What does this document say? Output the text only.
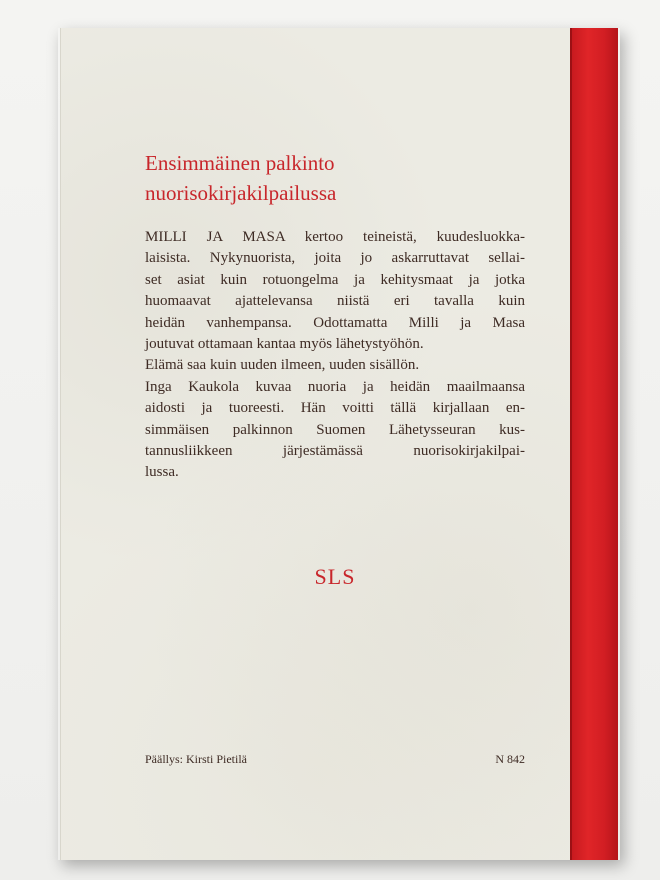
Ensimmäinen palkinto
nuorisokirjakilpailussa
MILLI JA MASA kertoo teineistä, kuudesluokka-
laisista. Nykynuorista, joita jo askarruttavat sellai-
set asiat kuin rotuongelma ja kehitysmaat ja jotka
huomaavat ajattelevansa niistä eri tavalla kuin
heidän vanhempansa. Odottamatta Milli ja Masa
joutuvat ottamaan kantaa myös lähetystyöhön.
Elämä saa kuin uuden ilmeen, uuden sisällön.
Inga Kaukola kuvaa nuoria ja heidän maailmaansa
aidosti ja tuoreesti. Hän voitti tällä kirjallaan en-
simmäisen palkinnon Suomen Lähetysseuran kus-
tannusliikkeen järjestämässä nuorisokirjakilpai-
lussa.
SLS
Päällys: Kirsti Pietilä	N 842
